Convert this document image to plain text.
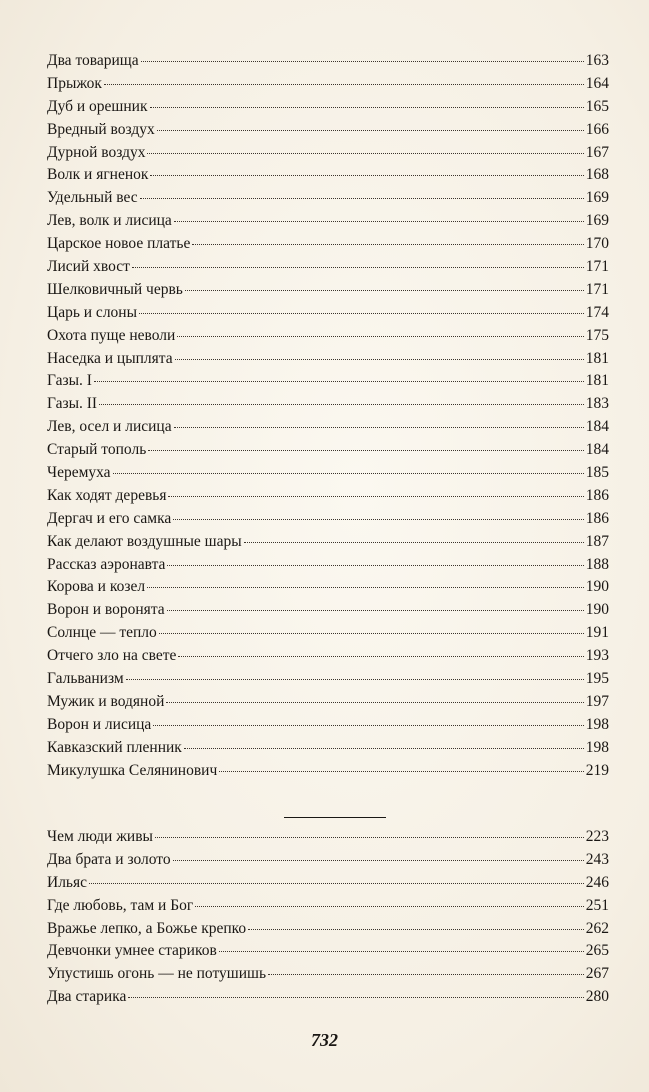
Два товарища	163
Прыжок	164
Дуб и орешник	165
Вредный воздух	166
Дурной воздух	167
Волк и ягненок	168
Удельный вес	169
Лев, волк и лисица	169
Царское новое платье	170
Лисий хвост	171
Шелковичный червь	171
Царь и слоны	174
Охота пуще неволи	175
Наседка и цыплята	181
Газы. I	181
Газы. II	183
Лев, осел и лисица	184
Старый тополь	184
Черемуха	185
Как ходят деревья	186
Дергач и его самка	186
Как делают воздушные шары	187
Рассказ аэронавта	188
Корова и козел	190
Ворон и воронята	190
Солнце — тепло	191
Отчего зло на свете	193
Гальванизм	195
Мужик и водяной	197
Ворон и лисица	198
Кавказский пленник	198
Микулушка Селянинович	219
Чем люди живы	223
Два брата и золото	243
Ильяс	246
Где любовь, там и Бог	251
Вражье лепко, а Божье крепко	262
Девчонки умнее стариков	265
Упустишь огонь — не потушишь	267
Два старика	280
732
